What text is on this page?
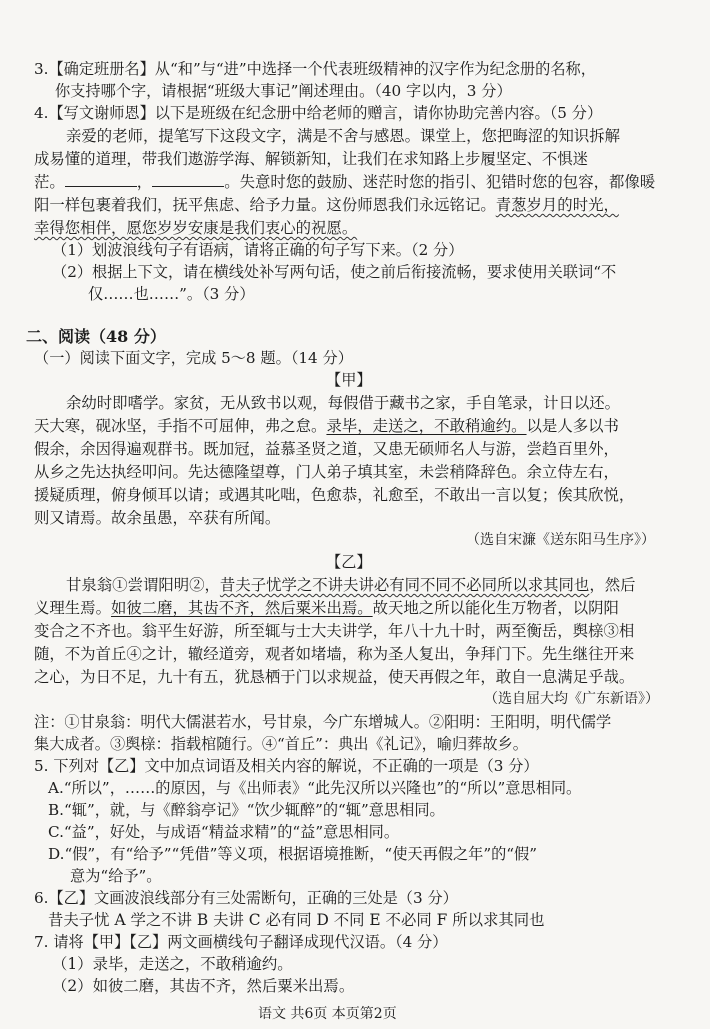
3.【确定班册名】从“和”与“进”中选择一个代表班级精神的汉字作为纪念册的名称，
你支持哪个字，请根据“班级大事记”阐述理由。（40 字以内，3 分）
4.【写文谢师恩】以下是班级在纪念册中给老师的赠言，请你协助完善内容。（5 分）
亲爱的老师，提笔写下这段文字，满是不舍与感恩。课堂上，您把晦涩的知识拆解
成易懂的道理，带我们遨游学海、解锁新知，让我们在求知路上步履坚定、不惧迷
茫。	，	。失意时您的鼓励、迷茫时您的指引、犯错时您的包容，都像暖
阳一样包裹着我们，抚平焦虑、给予力量。这份师恩我们永远铭记。青葱岁月的时光，
幸得您相伴，愿您岁岁安康是我们衷心的祝愿。
（1）划波浪线句子有语病，请将正确的句子写下来。（2 分）
（2）根据上下文，请在横线处补写两句话，使之前后衔接流畅，要求使用关联词“不
仅……也……”。（3 分）
二、阅读（48 分）
（一）阅读下面文字，完成 5～8 题。（14 分）
【甲】
余幼时即嗜学。家贫，无从致书以观，每假借于藏书之家，手自笔录，计日以还。
天大寒，砚冰坚，手指不可屈伸，弗之怠。录毕，走送之，不敢稍逾约。以是人多以书
假余，余因得遍观群书。既加冠，益慕圣贤之道，又患无硕师名人与游，尝趋百里外，
从乡之先达执经叩问。先达德隆望尊，门人弟子填其室，未尝稍降辞色。余立侍左右，
援疑质理，俯身倾耳以请；或遇其叱咄，色愈恭，礼愈至，不敢出一言以复；俟其欣悦，
则又请焉。故余虽愚，卒获有所闻。
（选自宋濂《送东阳马生序》）
【乙】
甘泉翁①尝谓阳明②，昔夫子忧学之不讲夫讲必有同不同不必同所以求其同也，然后
义理生焉。如彼二磨，其齿不齐，然后粟米出焉。故天地之所以能化生万物者，以阴阳
变合之不齐也。翁平生好游，所至辄与士大夫讲学，年八十九十时，两至衡岳，舆榇③相
随，不为首丘④之计，辙经道旁，观者如堵墙，称为圣人复出，争拜门下。先生继往开来
之心，为日不足，九十有五，犹恳栖于门以求规益，使天再假之年，敢自一息满足乎哉。
（选自屈大均《广东新语》）
注：①甘泉翁：明代大儒湛若水，号甘泉，今广东增城人。②阳明：王阳明，明代儒学
集大成者。③舆榇：指载棺随行。④“首丘”：典出《礼记》，喻归葬故乡。
5. 下列对【乙】文中加点词语及相关内容的解说，不正确的一项是（3 分）
A.“所以”，……的原因，与《出师表》“此先汉所以兴隆也”的“所以”意思相同。
B.“辄”，就，与《醉翁亭记》“饮少辄醉”的“辄”意思相同。
C.“益”，好处，与成语“精益求精”的“益”意思相同。
D.“假”，有“给予”“凭借”等义项，根据语境推断，“使天再假之年”的“假”
意为“给予”。
6.【乙】文画波浪线部分有三处需断句，正确的三处是（3 分）
昔夫子忧 A 学之不讲 B 夫讲 C 必有同 D 不同 E 不必同 F 所以求其同也
7. 请将【甲】【乙】两文画横线句子翻译成现代汉语。（4 分）
（1）录毕，走送之，不敢稍逾约。
（2）如彼二磨，其齿不齐，然后粟米出焉。
语文 共6页 本页第2页
